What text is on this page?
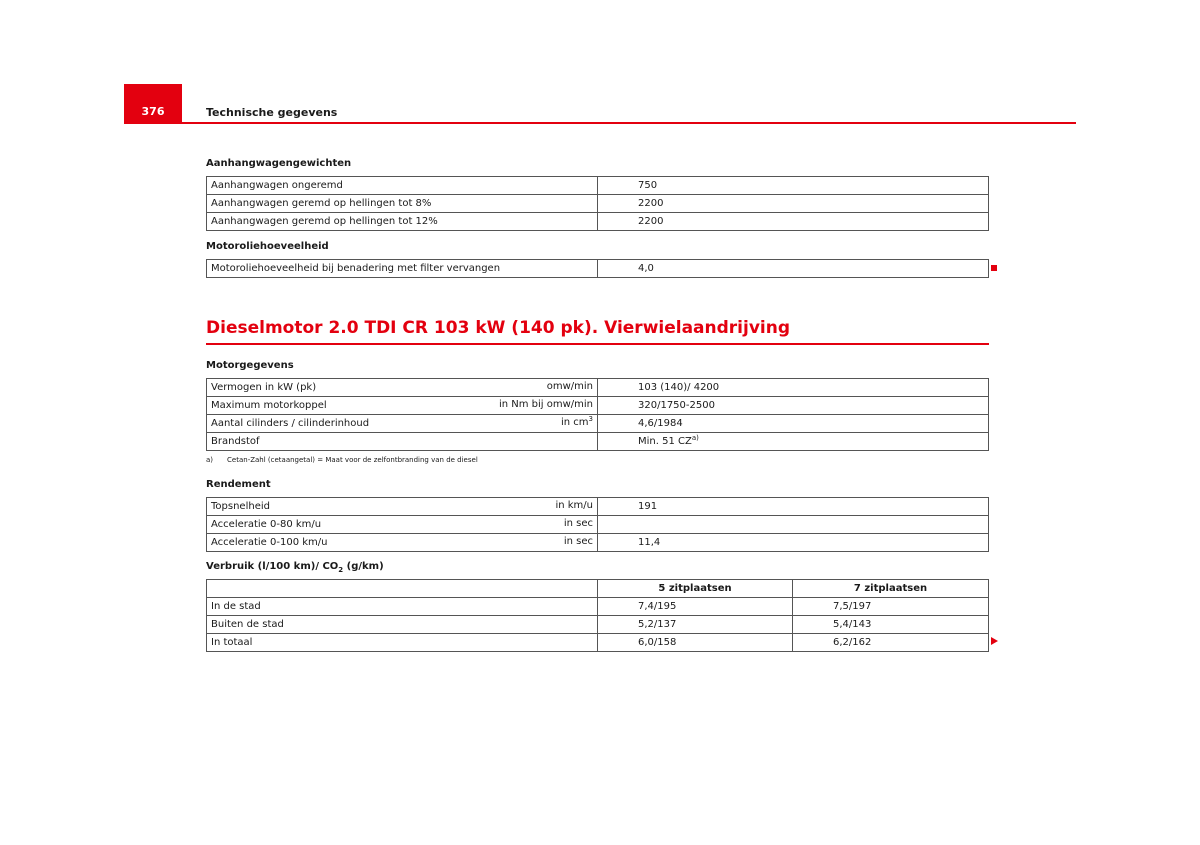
376	Technische gegevens
Aanhangwagengewichten
Aanhangwagen ongeremd	750
Aanhangwagen geremd op hellingen tot 8%	2200
Aanhangwagen geremd op hellingen tot 12%	2200
Motoroliehoeveelheid
Motoroliehoeveelheid bij benadering met filter vervangen	4,0
Dieselmotor 2.0 TDI CR 103 kW (140 pk). Vierwielaandrijving
Motorgegevens
Vermogen in kW (pk) omw/min	103 (140)/ 4200
Maximum motorkoppel in Nm bij omw/min	320/1750-2500
Aantal cilinders / cilinderinhoud in $cm^3$	4,6/1984
Brandstof	Min. 51 CZ$^{a)}$
a) Cetan-Zahl (cetaangetal) = Maat voor de zelfontbranding van de diesel
Rendement
Topsnelheid in km/u	191
Acceleratie 0-80 km/u in sec	

Acceleratie 0-100 km/u in sec	11,4
Verbruik (l/100 km)/ $CO_2$ (g/km)
	5 zitplaatsen	7 zitplaatsen
In de stad	7,4/195	7,5/197
Buiten de stad	5,2/137	5,4/143
In totaal	6,0/158	6,2/162
